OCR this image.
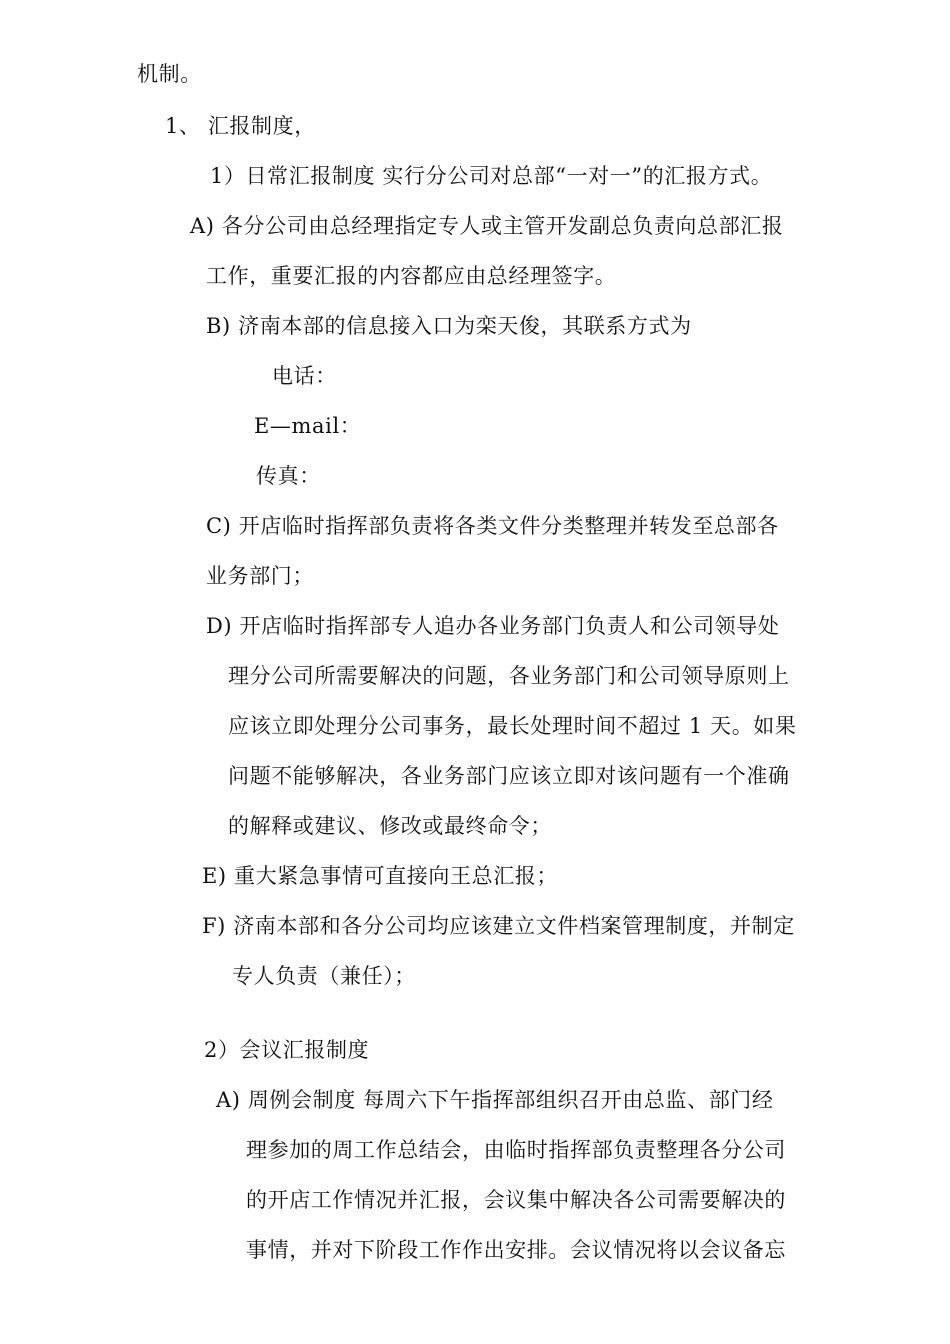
机制。
1、 汇报制度，
1）日常汇报制度 实行分公司对总部“一对一”的汇报方式。
A) 各分公司由总经理指定专人或主管开发副总负责向总部汇报
工作，重要汇报的内容都应由总经理签字。
B) 济南本部的信息接入口为栾天俊，其联系方式为
电话：
E—mail：
传真：
C) 开店临时指挥部负责将各类文件分类整理并转发至总部各
业务部门；
D) 开店临时指挥部专人追办各业务部门负责人和公司领导处
理分公司所需要解决的问题，各业务部门和公司领导原则上
应该立即处理分公司事务，最长处理时间不超过 1 天。如果
问题不能够解决，各业务部门应该立即对该问题有一个准确
的解释或建议、修改或最终命令；
E) 重大紧急事情可直接向王总汇报；
F) 济南本部和各分公司均应该建立文件档案管理制度，并制定
专人负责（兼任）；
2）会议汇报制度
A) 周例会制度 每周六下午指挥部组织召开由总监、部门经
理参加的周工作总结会，由临时指挥部负责整理各分公司
的开店工作情况并汇报，会议集中解决各公司需要解决的
事情，并对下阶段工作作出安排。会议情况将以会议备忘
